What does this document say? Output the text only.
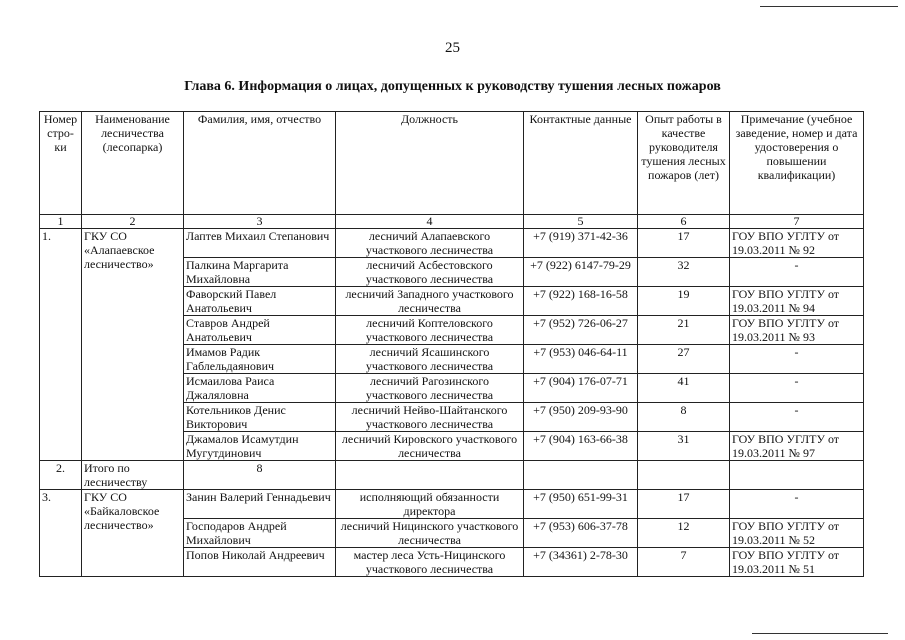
25
Глава 6. Информация о лицах, допущенных к руководству тушения лесных пожаров
Номер стро-ки	Наименование лесничества (лесопарка)	Фамилия, имя, отчество	Должность	Контактные данные	Опыт работы в качестве руководителя тушения лесных пожаров (лет)	Примечание (учебное заведение, номер и дата удостоверения о повышении квалификации)
1	2	3	4	5	6	7
1.	ГКУ СО «Алапаевское лесничество»	Лаптев Михаил Степанович	лесничий Алапаевского участкового лесничества	+7 (919) 371-42-36	17	ГОУ ВПО УГЛТУ от 19.03.2011 № 92
		Палкина Маргарита Михайловна	лесничий Асбестовского участкового лесничества	+7 (922) 6147-79-29	32	-
		Фаворский Павел Анатольевич	лесничий Западного участкового лесничества	+7 (922) 168-16-58	19	ГОУ ВПО УГЛТУ от 19.03.2011 № 94
		Ставров Андрей Анатольевич	лесничий Коптеловского участкового лесничества	+7 (952) 726-06-27	21	ГОУ ВПО УГЛТУ от 19.03.2011 № 93
		Имамов Радик Габлельдаянович	лесничий Ясашинского участкового лесничества	+7 (953) 046-64-11	27	-
		Исмаилова Раиса Джаляловна	лесничий Рагозинского участкового лесничества	+7 (904) 176-07-71	41	-
		Котельников Денис Викторович	лесничий Нейво-Шайтанского участкового лесничества	+7 (950) 209-93-90	8	-
		Джамалов Исамутдин Мугутдинович	лесничий Кировского участкового лесничества	+7 (904) 163-66-38	31	ГОУ ВПО УГЛТУ от 19.03.2011 № 97
2.	Итого по лесничеству	8				
3.	ГКУ СО «Байкаловское лесничество»	Занин Валерий Геннадьевич	исполняющий обязанности директора	+7 (950) 651-99-31	17	-
		Господаров Андрей Михайлович	лесничий Ницинского участкового лесничества	+7 (953) 606-37-78	12	ГОУ ВПО УГЛТУ от 19.03.2011 № 52
		Попов Николай Андреевич	мастер леса Усть-Ницинского участкового лесничества	+7 (34361) 2-78-30	7	ГОУ ВПО УГЛТУ от 19.03.2011 № 51
